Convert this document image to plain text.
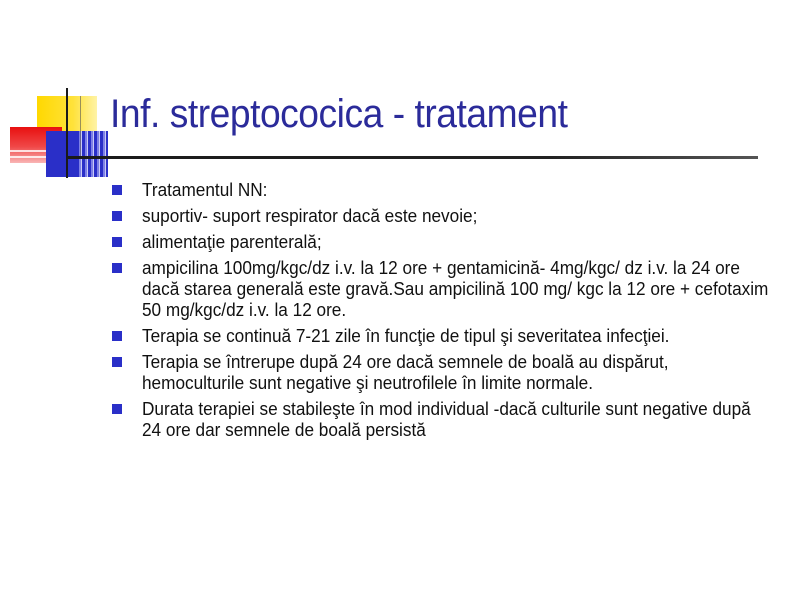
Inf. streptococica - tratament
Tratamentul NN:
suportiv- suport respirator dacă este nevoie;
alimentaţie parenterală;
ampicilina 100mg/kgc/dz i.v. la 12 ore + gentamicină- 4mg/kgc/ dz i.v. la 24 ore dacă starea generală este gravă.Sau ampicilină 100 mg/ kgc la 12 ore + cefotaxim 50 mg/kgc/dz i.v. la 12 ore.
Terapia se continuă 7-21 zile în funcţie de tipul şi severitatea infecţiei.
Terapia se întrerupe după 24 ore dacă semnele de boală au dispărut, hemoculturile sunt negative şi neutrofilele în limite normale.
Durata terapiei se stabileşte în mod individual -dacă culturile sunt negative după 24 ore dar semnele de boală persistă
